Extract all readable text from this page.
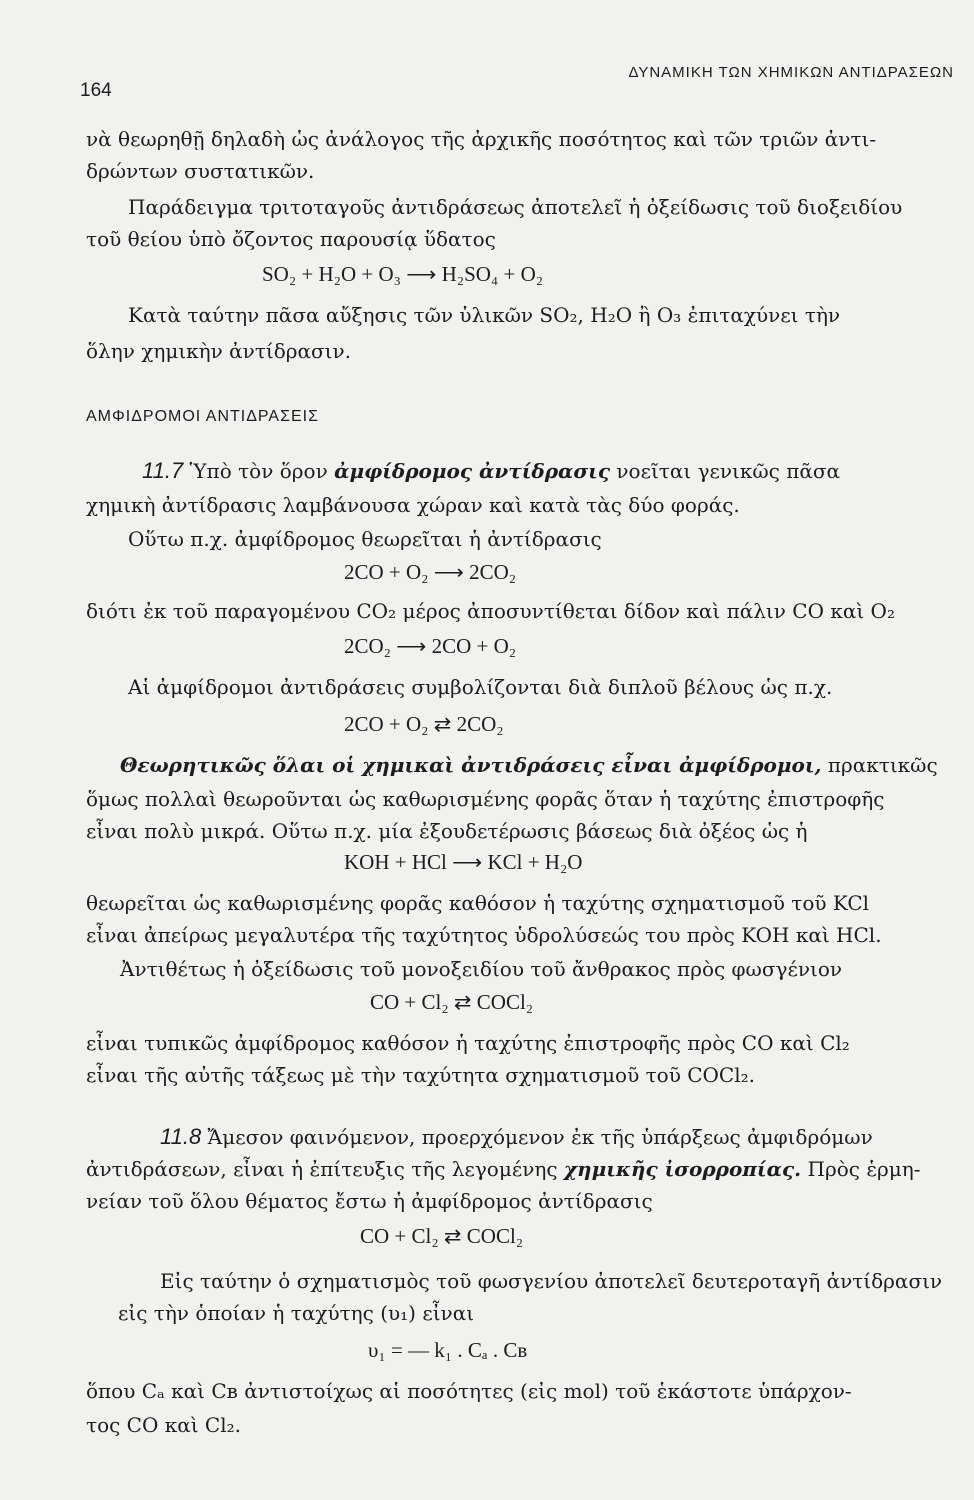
164
ΔΥΝΑΜΙΚΗ ΤΩΝ ΧΗΜΙΚΩΝ ΑΝΤΙΔΡΑΣΕΩΝ
νὰ θεωρηθῇ δηλαδὴ ὡς ἀνάλογος τῆς ἀρχικῆς ποσότητος καὶ τῶν τριῶν ἀντι-
δρώντων συστατικῶν.
Παράδειγμα τριτοταγοῦς ἀντιδράσεως ἀποτελεῖ ἡ ὀξείδωσις τοῦ διοξειδίου
τοῦ θείου ὑπὸ ὄζοντος παρουσίᾳ ὕδατος
SO₂ + H₂O + O₃ ⟶ H₂SO₄ + O₂
Κατὰ ταύτην πᾶσα αὔξησις τῶν ὑλικῶν SO₂, H₂O ἢ O₃ ἐπιταχύνει τὴν
ὅλην χημικὴν ἀντίδρασιν.
ΑΜΦΙΔΡΟΜΟΙ ΑΝΤΙΔΡΑΣΕΙΣ
11.7 Ὑπὸ τὸν ὅρον ἀμφίδρομος ἀντίδρασις νοεῖται γενικῶς πᾶσα
χημικὴ ἀντίδρασις λαμβάνουσα χώραν καὶ κατὰ τὰς δύο φοράς.
Οὕτω π.χ. ἀμφίδρομος θεωρεῖται ἡ ἀντίδρασις
2CO + O₂ ⟶ 2CO₂
διότι ἐκ τοῦ παραγομένου CO₂ μέρος ἀποσυντίθεται δίδον καὶ πάλιν CO καὶ O₂
2CO₂ ⟶ 2CO + O₂
Αἱ ἀμφίδρομοι ἀντιδράσεις συμβολίζονται διὰ διπλοῦ βέλους ὡς π.χ.
2CO + O₂ ⇄ 2CO₂
Θεωρητικῶς ὅλαι οἱ χημικαὶ ἀντιδράσεις εἶναι ἀμφίδρομοι, πρακτικῶς
ὅμως πολλαὶ θεωροῦνται ὡς καθωρισμένης φορᾶς ὅταν ἡ ταχύτης ἐπιστροφῆς
εἶναι πολὺ μικρά. Οὕτω π.χ. μία ἐξουδετέρωσις βάσεως διὰ ὀξέος ὡς ἡ
KOH + HCl ⟶ KCl + H₂O
θεωρεῖται ὡς καθωρισμένης φορᾶς καθόσον ἡ ταχύτης σχηματισμοῦ τοῦ KCl
εἶναι ἀπείρως μεγαλυτέρα τῆς ταχύτητος ὑδρολύσεώς του πρὸς KOH καὶ HCl.
Ἀντιθέτως ἡ ὀξείδωσις τοῦ μονοξειδίου τοῦ ἄνθρακος πρὸς φωσγένιον
CO + Cl₂ ⇄ COCl₂
εἶναι τυπικῶς ἀμφίδρομος καθόσον ἡ ταχύτης ἐπιστροφῆς πρὸς CO καὶ Cl₂
εἶναι τῆς αὐτῆς τάξεως μὲ τὴν ταχύτητα σχηματισμοῦ τοῦ COCl₂.
11.8 Ἄμεσον φαινόμενον, προερχόμενον ἐκ τῆς ὑπάρξεως ἀμφιδρόμων
ἀντιδράσεων, εἶναι ἡ ἐπίτευξις τῆς λεγομένης χημικῆς ἰσορροπίας. Πρὸς ἑρμη-
νείαν τοῦ ὅλου θέματος ἔστω ἡ ἀμφίδρομος ἀντίδρασις
CO + Cl₂ ⇄ COCl₂
Εἰς ταύτην ὁ σχηματισμὸς τοῦ φωσγενίου ἀποτελεῖ δευτεροταγῆ ἀντίδρασιν
εἰς τὴν ὁποίαν ἡ ταχύτης (υ₁) εἶναι
υ₁ = — k₁ . Cₐ . Cв
ὅπου Cₐ καὶ Cв ἀντιστοίχως αἱ ποσότητες (εἰς mol) τοῦ ἑκάστοτε ὑπάρχον-
τος CO καὶ Cl₂.
